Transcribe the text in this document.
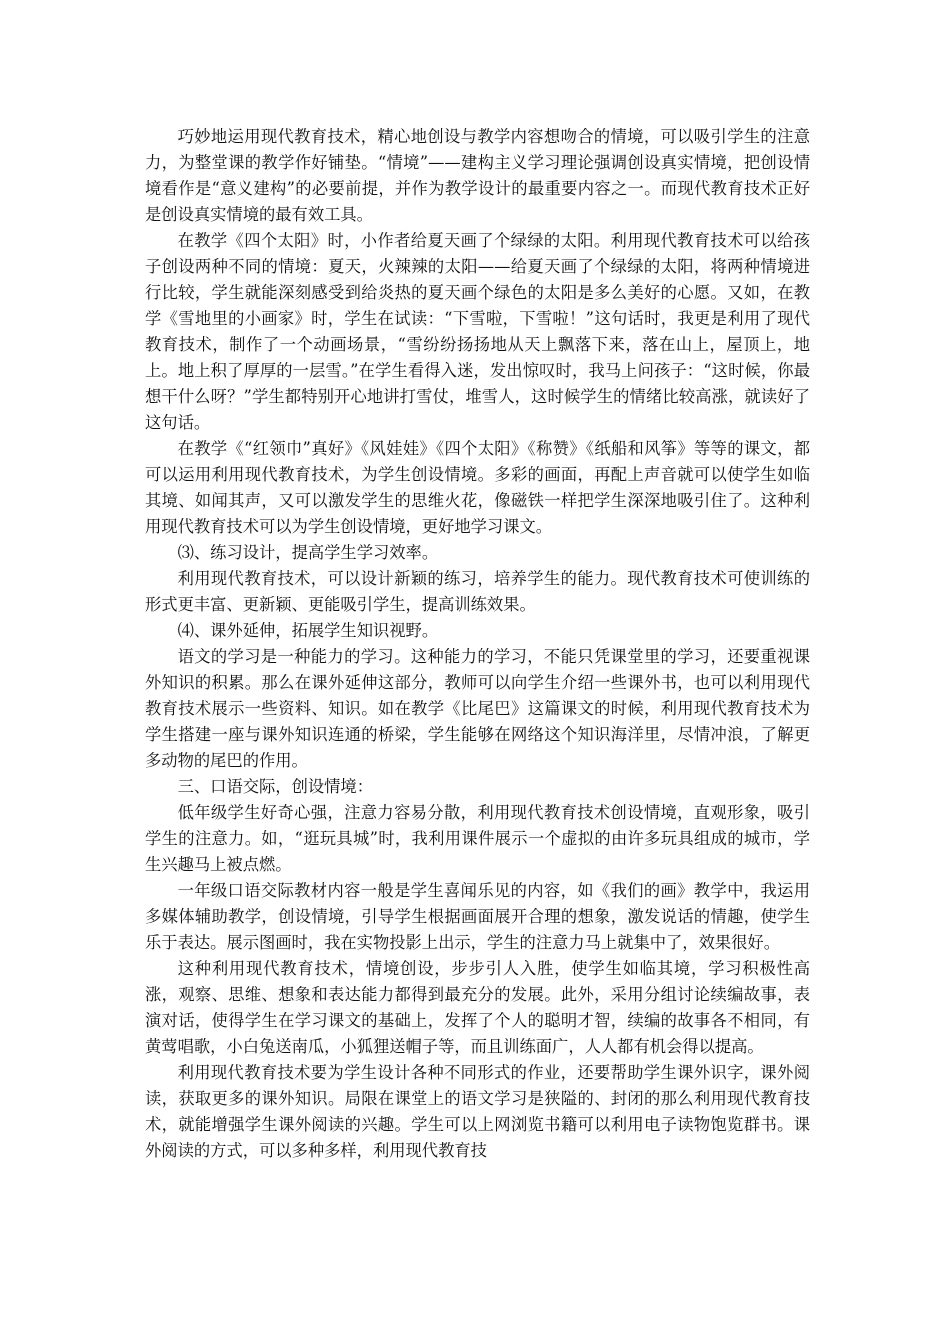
巧妙地运用现代教育技术，精心地创设与教学内容想吻合的情境，可以吸引学生的注意力，为整堂课的教学作好铺垫。“情境”——建构主义学习理论强调创设真实情境，把创设情境看作是“意义建构”的必要前提，并作为教学设计的最重要内容之一。而现代教育技术正好是创设真实情境的最有效工具。

在教学《四个太阳》时，小作者给夏天画了个绿绿的太阳。利用现代教育技术可以给孩子创设两种不同的情境：夏天，火辣辣的太阳——给夏天画了个绿绿的太阳，将两种情境进行比较，学生就能深刻感受到给炎热的夏天画个绿色的太阳是多么美好的心愿。又如，在教学《雪地里的小画家》时，学生在试读：“下雪啦，下雪啦！”这句话时，我更是利用了现代教育技术，制作了一个动画场景，“雪纷纷扬扬地从天上飘落下来，落在山上，屋顶上，地上。地上积了厚厚的一层雪。”在学生看得入迷，发出惊叹时，我马上问孩子：“这时候，你最想干什么呀？”学生都特别开心地讲打雪仗，堆雪人，这时候学生的情绪比较高涨，就读好了这句话。

在教学《“红领巾”真好》《风娃娃》《四个太阳》《称赞》《纸船和风筝》等等的课文，都可以运用利用现代教育技术，为学生创设情境。多彩的画面，再配上声音就可以使学生如临其境、如闻其声，又可以激发学生的思维火花，像磁铁一样把学生深深地吸引住了。这种利用现代教育技术可以为学生创设情境，更好地学习课文。

⑶、练习设计，提高学生学习效率。

利用现代教育技术，可以设计新颖的练习，培养学生的能力。现代教育技术可使训练的形式更丰富、更新颖、更能吸引学生，提高训练效果。

⑷、课外延伸，拓展学生知识视野。

语文的学习是一种能力的学习。这种能力的学习，不能只凭课堂里的学习，还要重视课外知识的积累。那么在课外延伸这部分，教师可以向学生介绍一些课外书，也可以利用现代教育技术展示一些资料、知识。如在教学《比尾巴》这篇课文的时候，利用现代教育技术为学生搭建一座与课外知识连通的桥梁，学生能够在网络这个知识海洋里，尽情冲浪，了解更多动物的尾巴的作用。

三、口语交际，创设情境：

低年级学生好奇心强，注意力容易分散，利用现代教育技术创设情境，直观形象，吸引学生的注意力。如，“逛玩具城”时，我利用课件展示一个虚拟的由许多玩具组成的城市，学生兴趣马上被点燃。

一年级口语交际教材内容一般是学生喜闻乐见的内容，如《我们的画》教学中，我运用多媒体辅助教学，创设情境，引导学生根据画面展开合理的想象，激发说话的情趣，使学生乐于表达。展示图画时，我在实物投影上出示，学生的注意力马上就集中了，效果很好。

这种利用现代教育技术，情境创设，步步引人入胜，使学生如临其境，学习积极性高涨，观察、思维、想象和表达能力都得到最充分的发展。此外，采用分组讨论续编故事，表演对话，使得学生在学习课文的基础上，发挥了个人的聪明才智，续编的故事各不相同，有黄莺唱歌，小白兔送南瓜，小狐狸送帽子等，而且训练面广，人人都有机会得以提高。

利用现代教育技术要为学生设计各种不同形式的作业，还要帮助学生课外识字，课外阅读，获取更多的课外知识。局限在课堂上的语文学习是狭隘的、封闭的那么利用现代教育技术，就能增强学生课外阅读的兴趣。学生可以上网浏览书籍可以利用电子读物饱览群书。课外阅读的方式，可以多种多样，利用现代教育技
